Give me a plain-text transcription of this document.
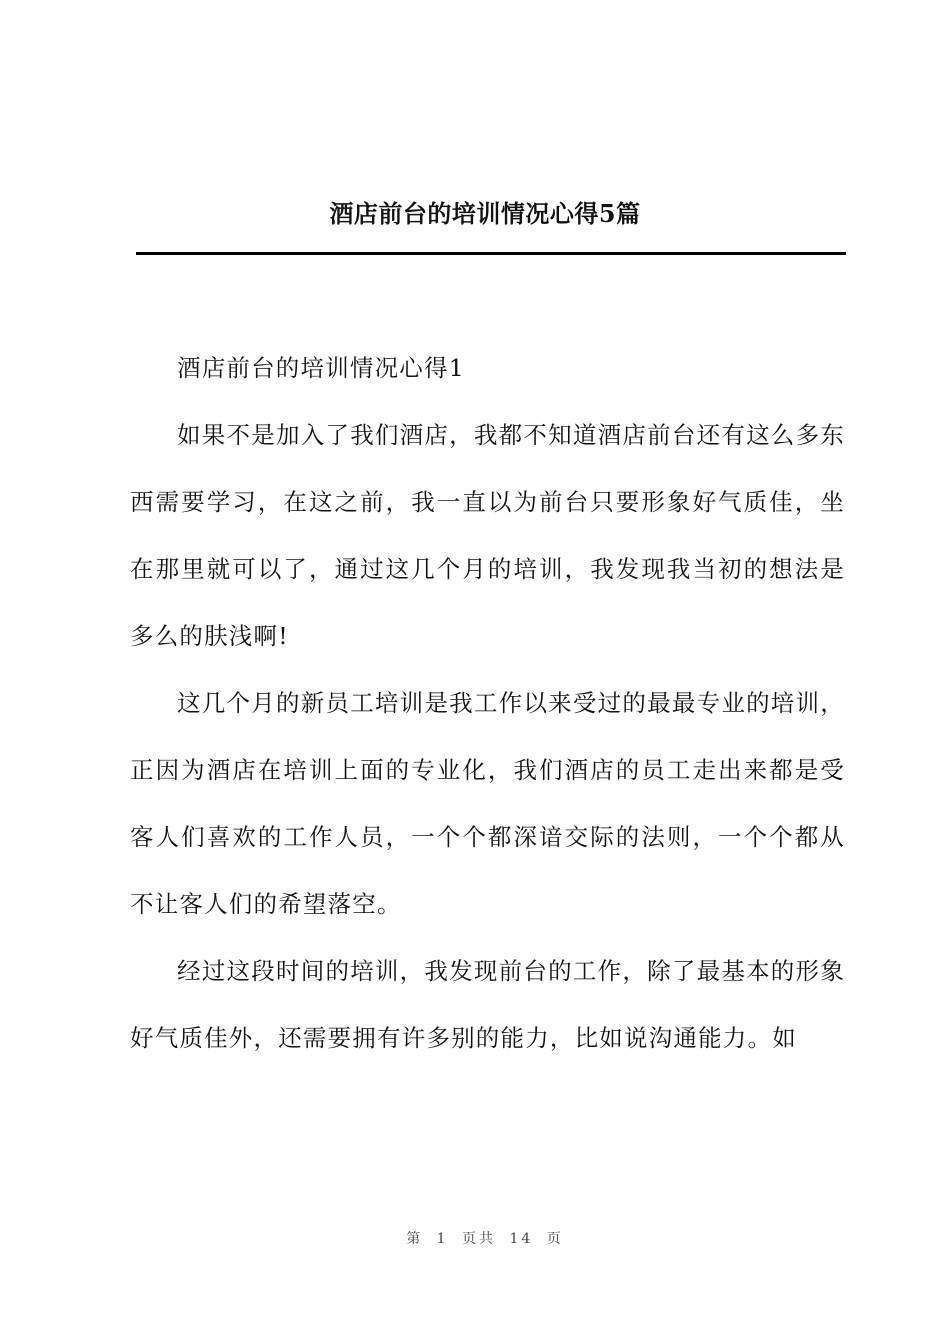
酒店前台的培训情况心得5篇

酒店前台的培训情况心得1

如果不是加入了我们酒店，我都不知道酒店前台还有这么多东西需要学习，在这之前，我一直以为前台只要形象好气质佳，坐在那里就可以了，通过这几个月的培训，我发现我当初的想法是多么的肤浅啊!

这几个月的新员工培训是我工作以来受过的最最专业的培训，正因为酒店在培训上面的专业化，我们酒店的员工走出来都是受客人们喜欢的工作人员，一个个都深谙交际的法则，一个个都从不让客人们的希望落空。

经过这段时间的培训，我发现前台的工作，除了最基本的形象好气质佳外，还需要拥有许多别的能力，比如说沟通能力。如

第 1 页共 14 页
